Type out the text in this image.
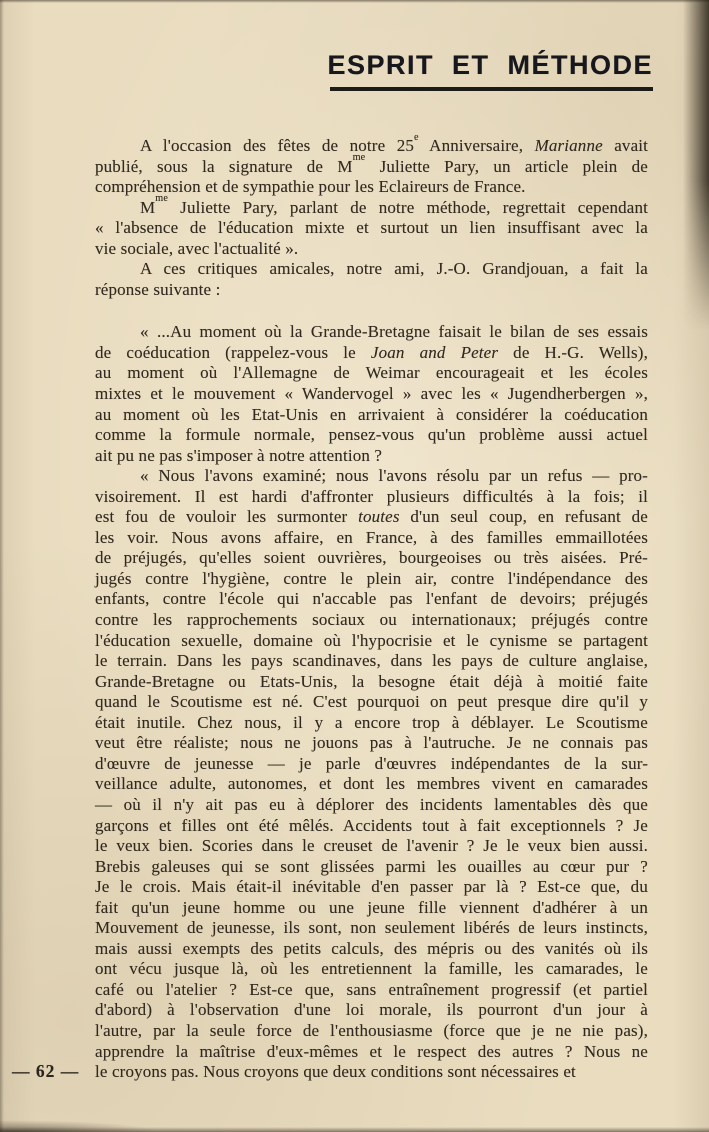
ESPRIT ET MÉTHODE
A l'occasion des fêtes de notre 25e Anniversaire, Marianne avait
publié, sous la signature de $M^{me}$ Juliette Pary, un article plein de
compréhension et de sympathie pour les Eclaireurs de France.
$M^{me}$ Juliette Pary, parlant de notre méthode, regrettait cependant
« l'absence de l'éducation mixte et surtout un lien insuffisant avec la
vie sociale, avec l'actualité ».
A ces critiques amicales, notre ami, J.-O. Grandjouan, a fait la
réponse suivante :
« ...Au moment où la Grande-Bretagne faisait le bilan de ses essais
de coéducation (rappelez-vous le Joan and Peter de H.-G. Wells),
au moment où l'Allemagne de Weimar encourageait et les écoles
mixtes et le mouvement « Wandervogel » avec les « Jugendherbergen »,
au moment où les Etat-Unis en arrivaient à considérer la coéducation
comme la formule normale, pensez-vous qu'un problème aussi actuel
ait pu ne pas s'imposer à notre attention ?
« Nous l'avons examiné; nous l'avons résolu par un refus — pro-
visoirement. Il est hardi d'affronter plusieurs difficultés à la fois; il
est fou de vouloir les surmonter toutes d'un seul coup, en refusant de
les voir. Nous avons affaire, en France, à des familles emmaillotées
de préjugés, qu'elles soient ouvrières, bourgeoises ou très aisées. Pré-
jugés contre l'hygiène, contre le plein air, contre l'indépendance des
enfants, contre l'école qui n'accable pas l'enfant de devoirs; préjugés
contre les rapprochements sociaux ou internationaux; préjugés contre
l'éducation sexuelle, domaine où l'hypocrisie et le cynisme se partagent
le terrain. Dans les pays scandinaves, dans les pays de culture anglaise,
Grande-Bretagne ou Etats-Unis, la besogne était déjà à moitié faite
quand le Scoutisme est né. C'est pourquoi on peut presque dire qu'il y
était inutile. Chez nous, il y a encore trop à déblayer. Le Scoutisme
veut être réaliste; nous ne jouons pas à l'autruche. Je ne connais pas
d'œuvre de jeunesse — je parle d'œuvres indépendantes de la sur-
veillance adulte, autonomes, et dont les membres vivent en camarades
— où il n'y ait pas eu à déplorer des incidents lamentables dès que
garçons et filles ont été mêlés. Accidents tout à fait exceptionnels ? Je
le veux bien. Scories dans le creuset de l'avenir ? Je le veux bien aussi.
Brebis galeuses qui se sont glissées parmi les ouailles au cœur pur ?
Je le crois. Mais était-il inévitable d'en passer par là ? Est-ce que, du
fait qu'un jeune homme ou une jeune fille viennent d'adhérer à un
Mouvement de jeunesse, ils sont, non seulement libérés de leurs instincts,
mais aussi exempts des petits calculs, des mépris ou des vanités où ils
ont vécu jusque là, où les entretiennent la famille, les camarades, le
café ou l'atelier ? Est-ce que, sans entraînement progressif (et partiel
d'abord) à l'observation d'une loi morale, ils pourront d'un jour à
l'autre, par la seule force de l'enthousiasme (force que je ne nie pas),
apprendre la maîtrise d'eux-mêmes et le respect des autres ? Nous ne
le croyons pas. Nous croyons que deux conditions sont nécessaires et
— 62 —
